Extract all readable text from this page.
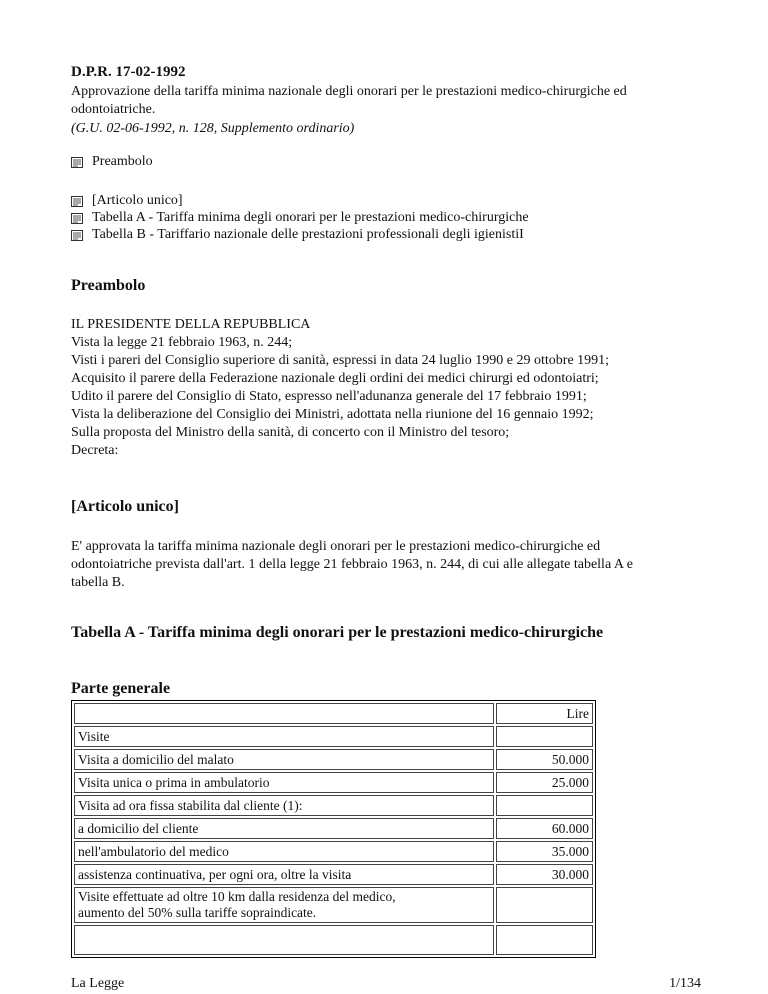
D.P.R. 17-02-1992
Approvazione della tariffa minima nazionale degli onorari per le prestazioni medico-chirurgiche ed
odontoiatriche.
(G.U. 02-06-1992, n. 128, Supplemento ordinario)
Preambolo
[Articolo unico]
Tabella A - Tariffa minima degli onorari per le prestazioni medico-chirurgiche
Tabella B - Tariffario nazionale delle prestazioni professionali degli igienistiI
Preambolo
IL PRESIDENTE DELLA REPUBBLICA
Vista la legge 21 febbraio 1963, n. 244;
Visti i pareri del Consiglio superiore di sanità, espressi in data 24 luglio 1990 e 29 ottobre 1991;
Acquisito il parere della Federazione nazionale degli ordini dei medici chirurgi ed odontoiatri;
Udito il parere del Consiglio di Stato, espresso nell'adunanza generale del 17 febbraio 1991;
Vista la deliberazione del Consiglio dei Ministri, adottata nella riunione del 16 gennaio 1992;
Sulla proposta del Ministro della sanità, di concerto con il Ministro del tesoro;
Decreta:
[Articolo unico]
E' approvata la tariffa minima nazionale degli onorari per le prestazioni medico-chirurgiche ed
odontoiatriche prevista dall'art. 1 della legge 21 febbraio 1963, n. 244, di cui alle allegate tabella A e
tabella B.
Tabella A - Tariffa minima degli onorari per le prestazioni medico-chirurgiche
Parte generale
	Lire
Visite	
Visita a domicilio del malato	50.000
Visita unica o prima in ambulatorio	25.000
Visita ad ora fissa stabilita dal cliente (1):	
a domicilio del cliente	60.000
nell'ambulatorio del medico	35.000
assistenza continuativa, per ogni ora, oltre la visita	30.000

Visite effettuate ad oltre 10 km dalla residenza del medico,
aumento del 50% sulla tariffe sopraindicate.	

La Legge	1/134
